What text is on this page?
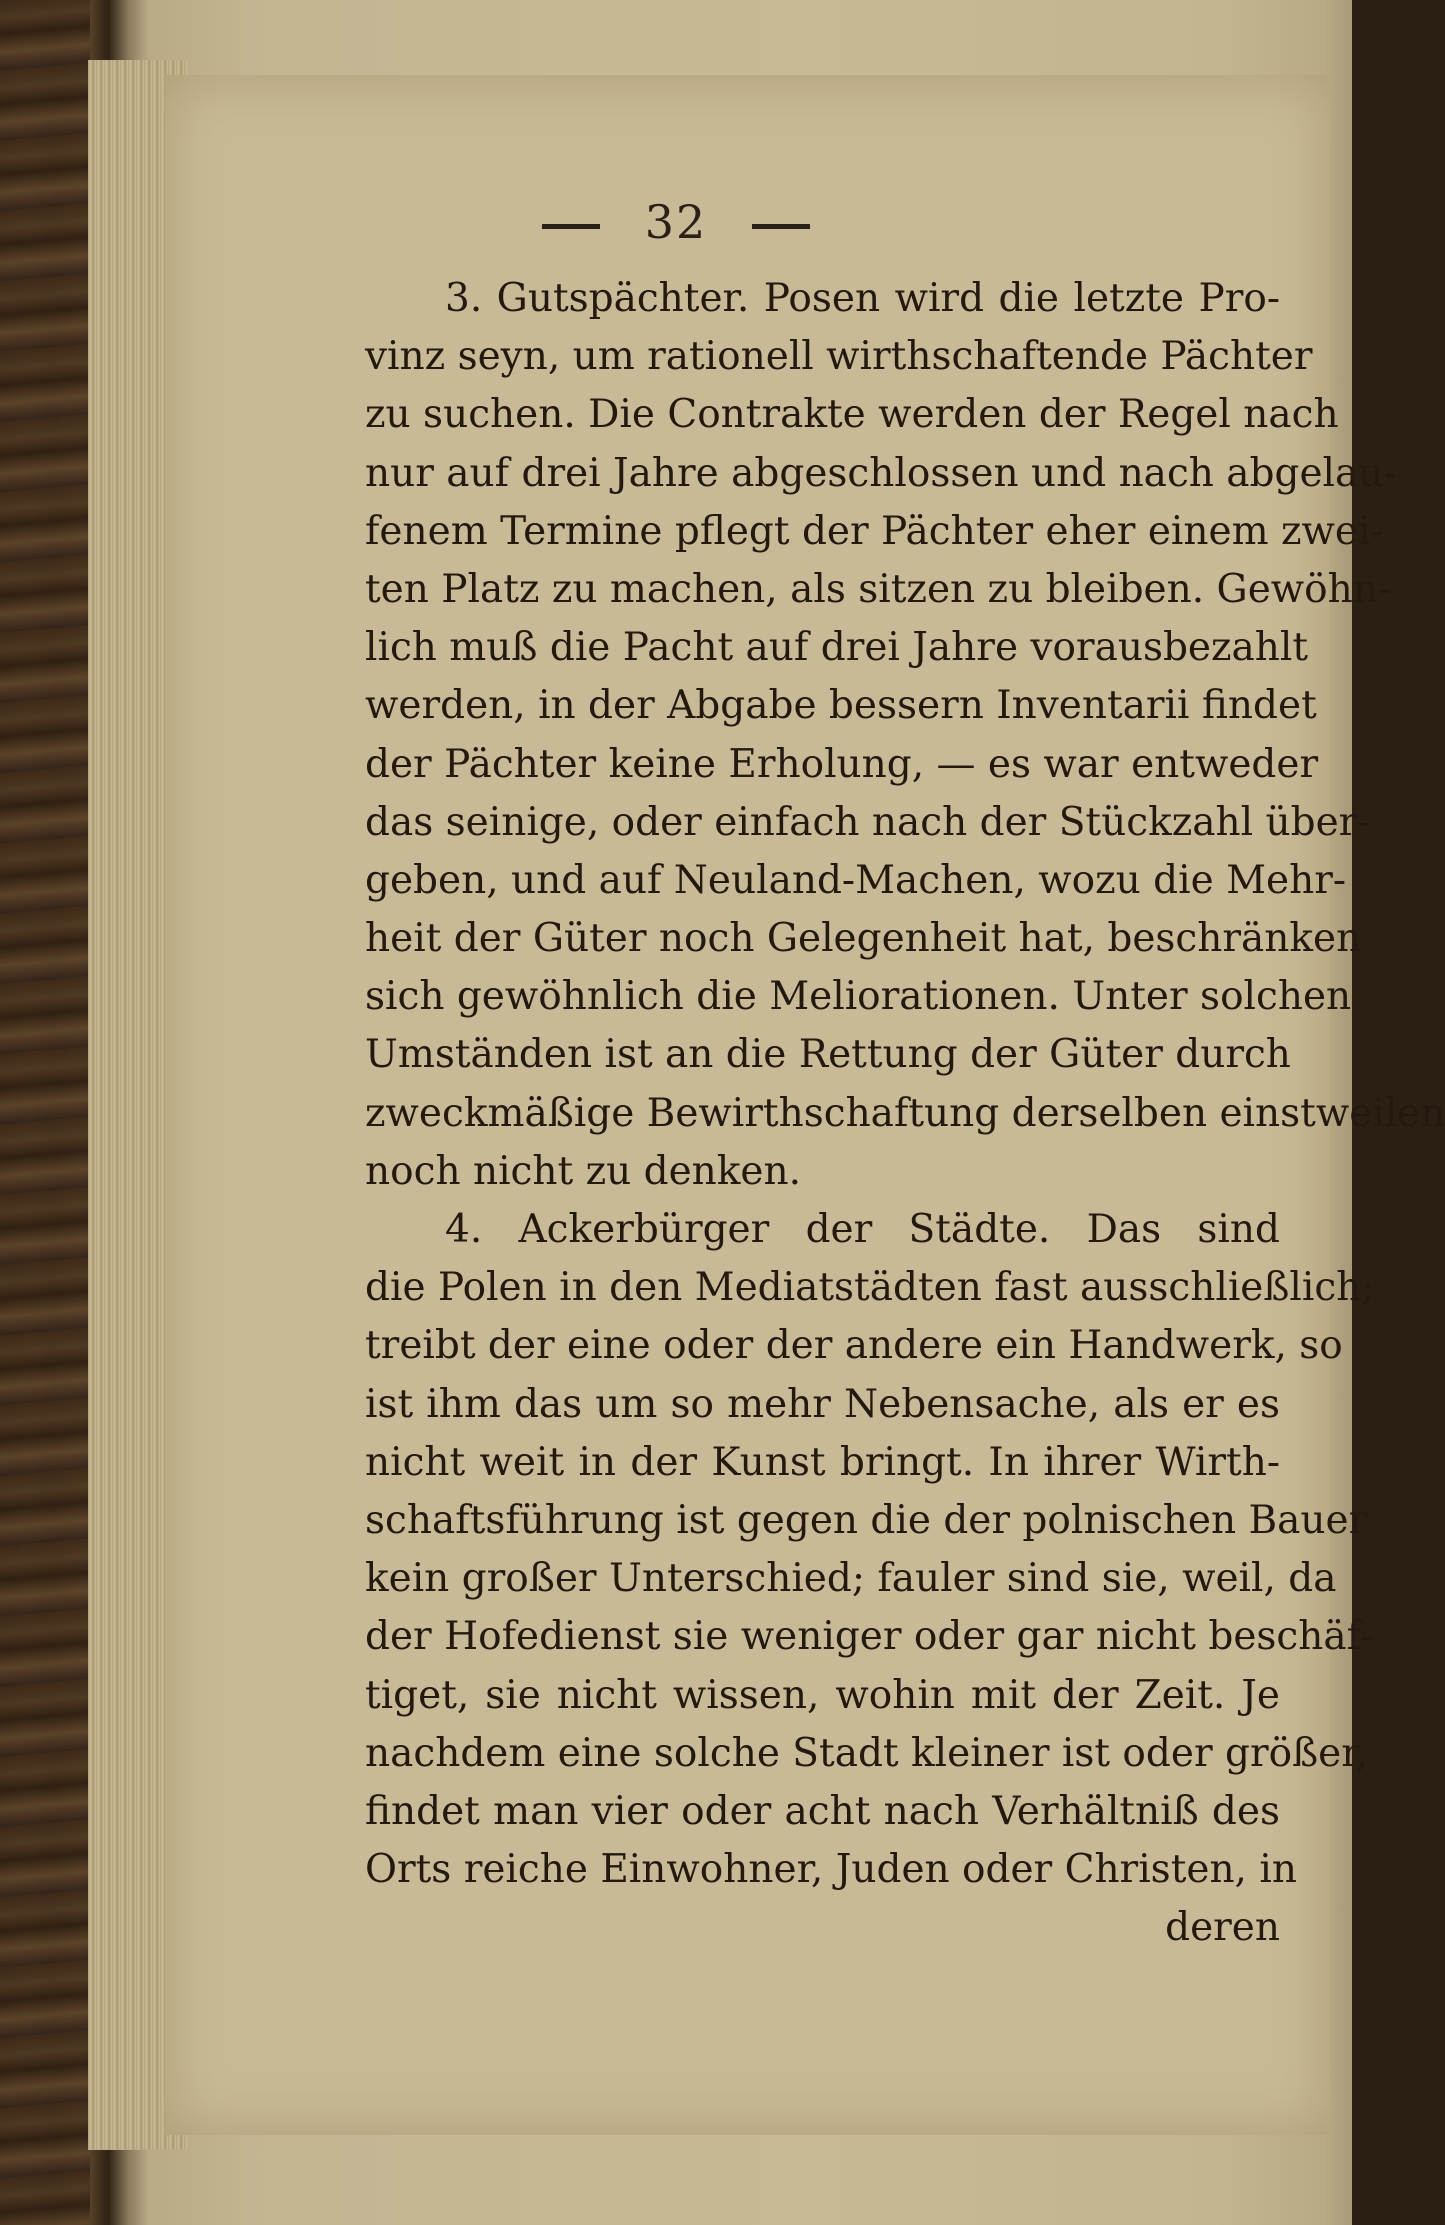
32
3. Gutspächter. Posen wird die letzte Pro-
vinz seyn, um rationell wirthschaftende Pächter
zu suchen. Die Contrakte werden der Regel nach
nur auf drei Jahre abgeschlossen und nach abgelau-
fenem Termine pflegt der Pächter eher einem zwei-
ten Platz zu machen, als sitzen zu bleiben. Gewöhn-
lich muß die Pacht auf drei Jahre vorausbezahlt
werden, in der Abgabe bessern Inventarii findet
der Pächter keine Erholung, — es war entweder
das seinige, oder einfach nach der Stückzahl über-
geben, und auf Neuland-Machen, wozu die Mehr-
heit der Güter noch Gelegenheit hat, beschränken
sich gewöhnlich die Meliorationen. Unter solchen
Umständen ist an die Rettung der Güter durch
zweckmäßige Bewirthschaftung derselben einstweilen
noch nicht zu denken.
4. Ackerbürger der Städte. Das sind
die Polen in den Mediatstädten fast ausschließlich;
treibt der eine oder der andere ein Handwerk, so
ist ihm das um so mehr Nebensache, als er es
nicht weit in der Kunst bringt. In ihrer Wirth-
schaftsführung ist gegen die der polnischen Bauer
kein großer Unterschied; fauler sind sie, weil, da
der Hofedienst sie weniger oder gar nicht beschäf-
tiget, sie nicht wissen, wohin mit der Zeit. Je
nachdem eine solche Stadt kleiner ist oder größer,
findet man vier oder acht nach Verhältniß des
Orts reiche Einwohner, Juden oder Christen, in
deren
